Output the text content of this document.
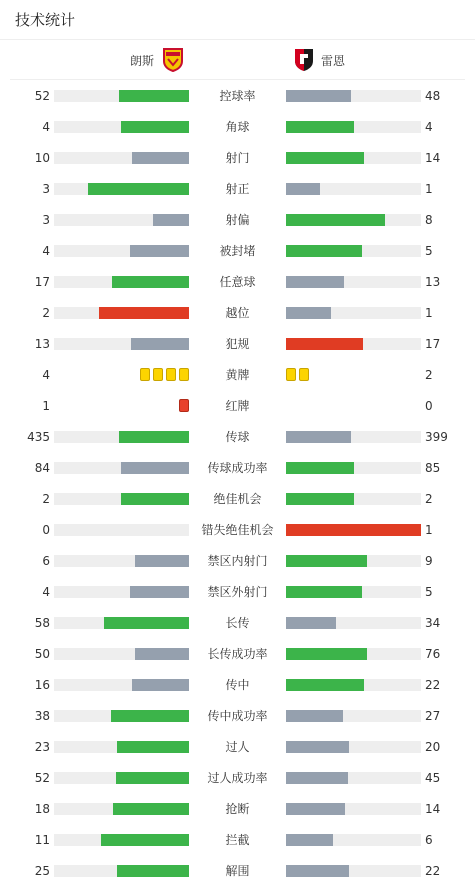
技术统计
朗斯	雷恩
52	控球率	48
4	角球	4
10	射门	14
3	射正	1
3	射偏	8
4	被封堵	5
17	任意球	13
2	越位	1
13	犯规	17
4	黄牌	2
1	红牌	0
435	传球	399
84	传球成功率	85
2	绝佳机会	2
0	错失绝佳机会	1
6	禁区内射门	9
4	禁区外射门	5
58	长传	34
50	长传成功率	76
16	传中	22
38	传中成功率	27
23	过人	20
52	过人成功率	45
18	抢断	14
11	拦截	6
25	解围	22
